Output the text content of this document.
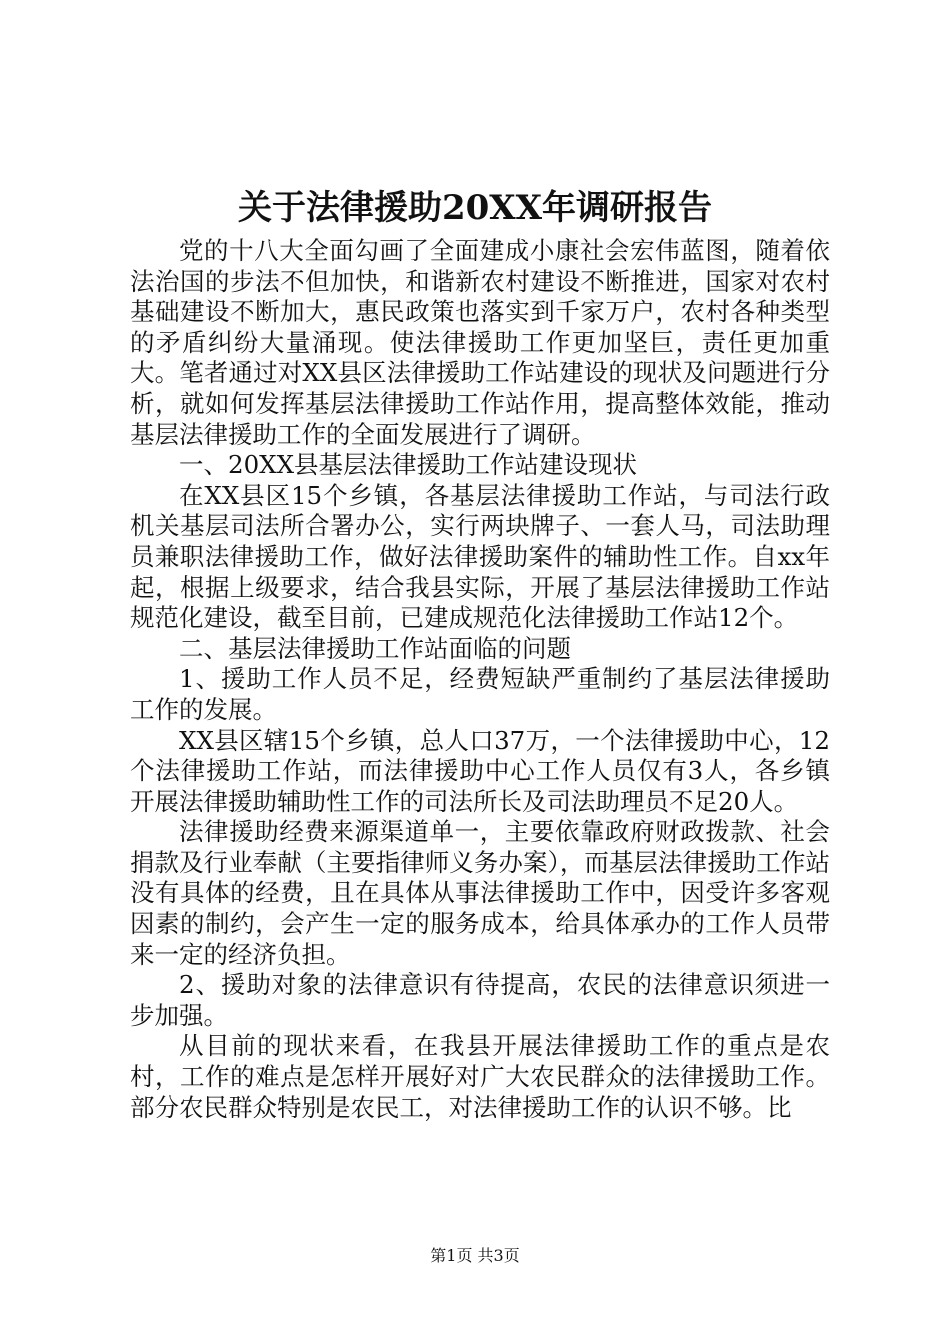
关于法律援助20XX年调研报告

党的十八大全面勾画了全面建成小康社会宏伟蓝图，随着依法治国的步法不但加快，和谐新农村建设不断推进，国家对农村基础建设不断加大，惠民政策也落实到千家万户，农村各种类型的矛盾纠纷大量涌现。使法律援助工作更加坚巨，责任更加重大。笔者通过对XX县区法律援助工作站建设的现状及问题进行分析，就如何发挥基层法律援助工作站作用，提高整体效能，推动基层法律援助工作的全面发展进行了调研。

一、20XX县基层法律援助工作站建设现状

在XX县区15个乡镇，各基层法律援助工作站，与司法行政机关基层司法所合署办公，实行两块牌子、一套人马，司法助理员兼职法律援助工作，做好法律援助案件的辅助性工作。自xx年起，根据上级要求，结合我县实际，开展了基层法律援助工作站规范化建设，截至目前，已建成规范化法律援助工作站12个。

二、基层法律援助工作站面临的问题

1、援助工作人员不足，经费短缺严重制约了基层法律援助工作的发展。

XX县区辖15个乡镇，总人口37万，一个法律援助中心，12个法律援助工作站，而法律援助中心工作人员仅有3人，各乡镇开展法律援助辅助性工作的司法所长及司法助理员不足20人。

法律援助经费来源渠道单一，主要依靠政府财政拨款、社会捐款及行业奉献（主要指律师义务办案），而基层法律援助工作站没有具体的经费，且在具体从事法律援助工作中，因受许多客观因素的制约，会产生一定的服务成本，给具体承办的工作人员带来一定的经济负担。

2、援助对象的法律意识有待提高，农民的法律意识须进一步加强。

从目前的现状来看，在我县开展法律援助工作的重点是农村，工作的难点是怎样开展好对广大农民群众的法律援助工作。部分农民群众特别是农民工，对法律援助工作的认识不够。比

第1页 共3页
